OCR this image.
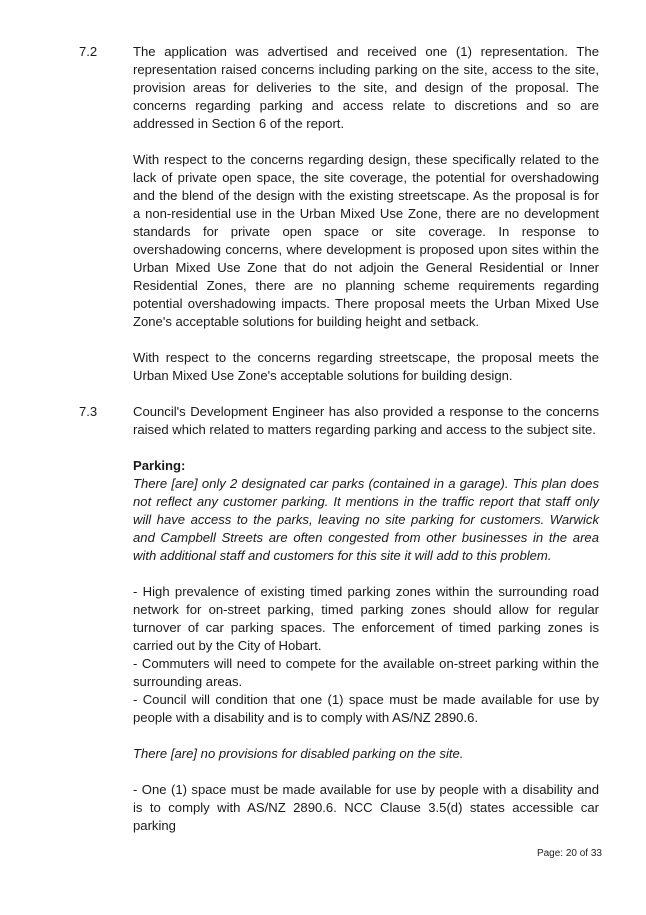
7.2	The application was advertised and received one (1) representation. The representation raised concerns including parking on the site, access to the site, provision areas for deliveries to the site, and design of the proposal. The concerns regarding parking and access relate to discretions and so are addressed in Section 6 of the report.

With respect to the concerns regarding design, these specifically related to the lack of private open space, the site coverage, the potential for overshadowing and the blend of the design with the existing streetscape. As the proposal is for a non-residential use in the Urban Mixed Use Zone, there are no development standards for private open space or site coverage. In response to overshadowing concerns, where development is proposed upon sites within the Urban Mixed Use Zone that do not adjoin the General Residential or Inner Residential Zones, there are no planning scheme requirements regarding potential overshadowing impacts. There proposal meets the Urban Mixed Use Zone's acceptable solutions for building height and setback.

With respect to the concerns regarding streetscape, the proposal meets the Urban Mixed Use Zone's acceptable solutions for building design.

7.3	Council's Development Engineer has also provided a response to the concerns raised which related to matters regarding parking and access to the subject site.

Parking:

There [are] only 2 designated car parks (contained in a garage). This plan does not reflect any customer parking. It mentions in the traffic report that staff only will have access to the parks, leaving no site parking for customers. Warwick and Campbell Streets are often congested from other businesses in the area with additional staff and customers for this site it will add to this problem.

- High prevalence of existing timed parking zones within the surrounding road network for on-street parking, timed parking zones should allow for regular turnover of car parking spaces. The enforcement of timed parking zones is carried out by the City of Hobart.

- Commuters will need to compete for the available on-street parking within the surrounding areas.

- Council will condition that one (1) space must be made available for use by people with a disability and is to comply with AS/NZ 2890.6.

There [are] no provisions for disabled parking on the site.

- One (1) space must be made available for use by people with a disability and is to comply with AS/NZ 2890.6. NCC Clause 3.5(d) states accessible car parking

Page: 20 of 33
